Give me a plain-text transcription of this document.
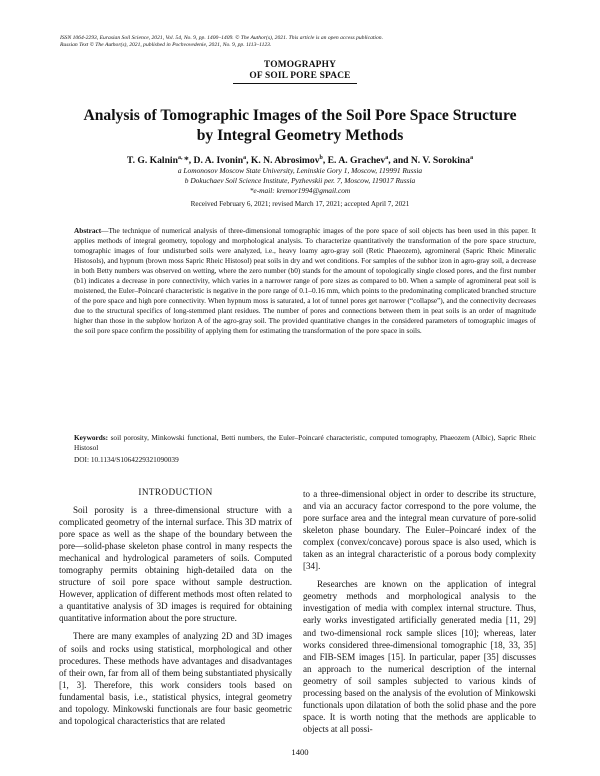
ISSN 1064-2293, Eurasian Soil Science, 2021, Vol. 54, No. 9, pp. 1400–1409. © The Author(s), 2021. This article is an open access publication.
Russian Text © The Author(s), 2021, published in Pochvovedenie, 2021, No. 9, pp. 1113–1123.
TOMOGRAPHY
OF SOIL PORE SPACE
Analysis of Tomographic Images of the Soil Pore Space Structure
by Integral Geometry Methods
T. G. Kalnin$^{a,}$ *, D. A. Ivonin$^a$, K. N. Abrosimov$^b$, E. A. Grachev$^a$, and N. V. Sorokina$^a$
a Lomonosov Moscow State University, Leninskie Gory 1, Moscow, 119991 Russia
b Dokuchaev Soil Science Institute, Pyzhevskii per. 7, Moscow, 119017 Russia
*e-mail: kremor1994@gmail.com
Received February 6, 2021; revised March 17, 2021; accepted April 7, 2021
Abstract—The technique of numerical analysis of three-dimensional tomographic images of the pore space of soil objects has been used in this paper. It applies methods of integral geometry, topology and morphological analysis. To characterize quantitatively the transformation of the pore space structure, tomographic images of four undisturbed soils were analyzed, i.e., heavy loamy agro-gray soil (Retic Phaeozem), agromineral (Sapric Rheic Mineralic Histosols), and hypnum (brown moss Sapric Rheic Histosol) peat soils in dry and wet conditions. For samples of the subhor izon in agro-gray soil, a decrease in both Betty numbers was observed on wetting, where the zero number (b0) stands for the amount of topologically single closed pores, and the first number (b1) indicates a decrease in pore connectivity, which varies in a narrower range of pore sizes as compared to b0. When a sample of agromineral peat soil is moistened, the Euler–Poincaré characteristic is negative in the pore range of 0.1–0.16 mm, which points to the predominating complicated branched structure of the pore space and high pore connectivity. When hypnum moss is saturated, a lot of tunnel pores get narrower (“collapse”), and the connectivity decreases due to the structural specifics of long-stemmed plant residues. The number of pores and connections between them in peat soils is an order of magnitude higher than those in the subplow horizon A of the agro-gray soil. The provided quantitative changes in the considered parameters of tomographic images of the soil pore space confirm the possibility of applying them for estimating the transformation of the pore space in soils.
Keywords: soil porosity, Minkowski functional, Betti numbers, the Euler–Poincaré characteristic, computed tomography, Phaeozem (Albic), Sapric Rheic Histosol
DOI: 10.1134/S1064229321090039
INTRODUCTION

Soil porosity is a three-dimensional structure with a complicated geometry of the internal surface. This 3D matrix of pore space as well as the shape of the boundary between the pore—solid-phase skeleton phase control in many respects the mechanical and hydrological parameters of soils. Computed tomography permits obtaining high-detailed data on the structure of soil pore space without sample destruction. However, application of different methods most often related to a quantitative analysis of 3D images is required for obtaining quantitative information about the pore structure.

There are many examples of analyzing 2D and 3D images of soils and rocks using statistical, morphological and other procedures. These methods have advantages and disadvantages of their own, far from all of them being substantiated physically [1, 3]. Therefore, this work considers tools based on fundamental basis, i.e., statistical physics, integral geometry and topology. Minkowski functionals are four basic geometric and topological characteristics that are related

to a three-dimensional object in order to describe its structure, and via an accuracy factor correspond to the pore volume, the pore surface area and the integral mean curvature of pore-solid skeleton phase boundary. The Euler–Poincaré index of the complex (convex/concave) porous space is also used, which is taken as an integral characteristic of a porous body complexity [34].

Researches are known on the application of integral geometry methods and morphological analysis to the investigation of media with complex internal structure. Thus, early works investigated artificially generated media [11, 29] and two-dimensional rock sample slices [10]; whereas, later works considered three-dimensional tomographic [18, 33, 35] and FIB-SEM images [15]. In particular, paper [35] discusses an approach to the numerical description of the internal geometry of soil samples subjected to various kinds of processing based on the analysis of the evolution of Minkowski functionals upon dilatation of both the solid phase and the pore space. It is worth noting that the methods are applicable to objects at all possi-

1400
